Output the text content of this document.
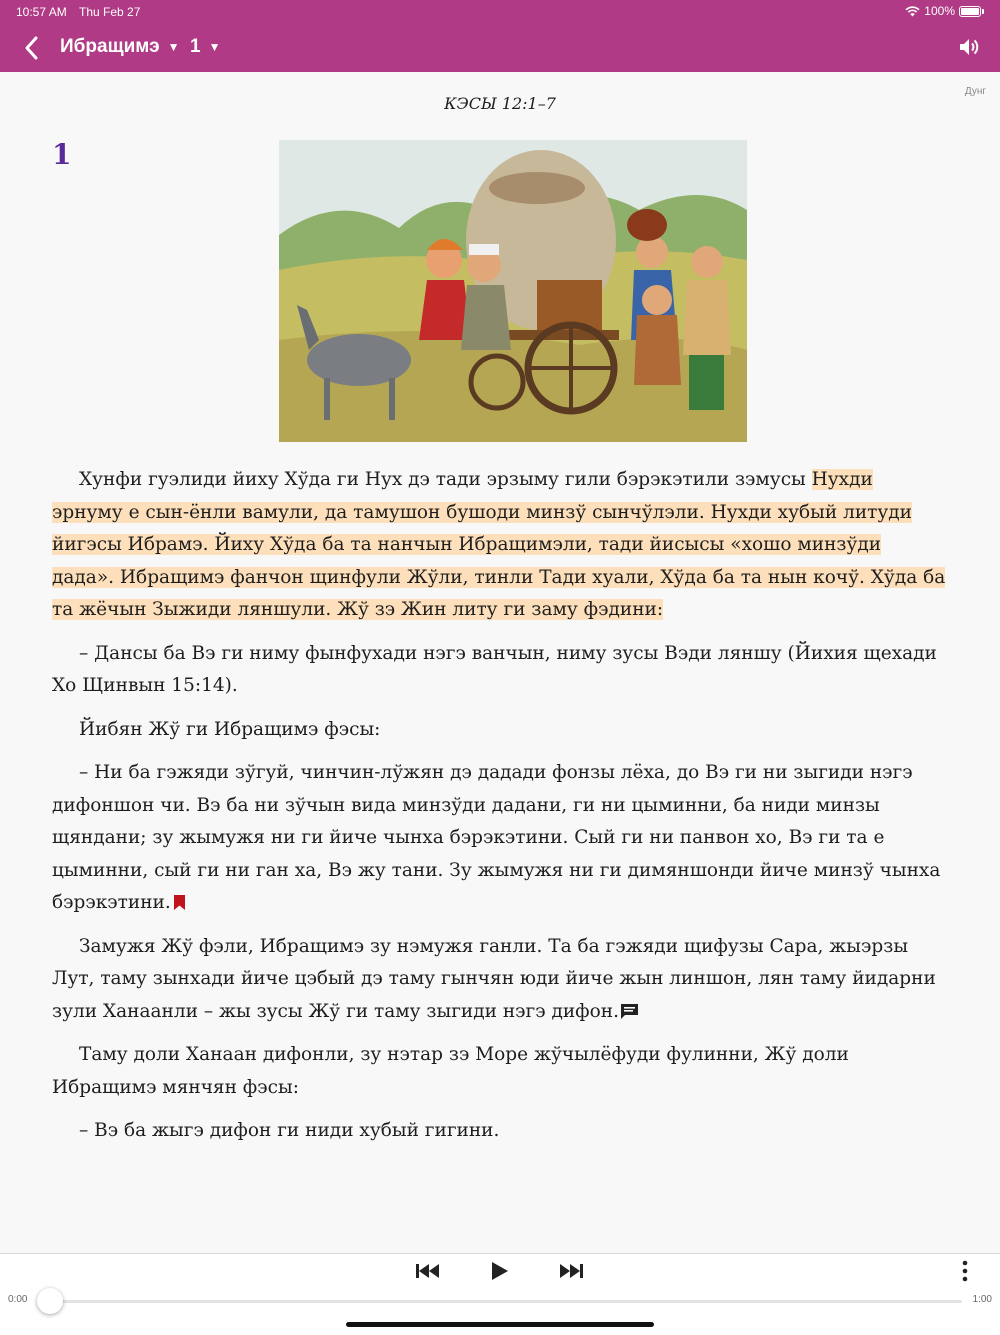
10:57 AM Thu Feb 27	100%
Ибращимэ ▼ 1 ▼
Дунг
КЭСЫ 12:1–7
1

Хунфи гуэлиди йиху Хўда ги Нух дэ тади эрзыму гили бэрэкэтили зэмусы Нухди эрнуму е сын-ёнли вамули, да тамушон бушоди минзў сынчўлэли. Нухди хубый литуди йигэсы Ибрамэ. Йиху Хўда ба та нанчын Ибращимэли, тади йисысы «хошо минзўди дада». Ибращимэ фанчон щинфули Жўли, тинли Тади хуали, Хўда ба та нын кочў. Хўда ба та жёчын Зыжиди ляншули. Жў зэ Жин литу ги заму фэдини:

– Дансы ба Вэ ги ниму фынфухади нэгэ ванчын, ниму зусы Вэди ляншу (Йихия щехади Хо Щинвын 15:14).

Йибян Жў ги Ибращимэ фэсы:

– Ни ба гэжяди зўгуй, чинчин-лўжян дэ дадади фонзы лёха, до Вэ ги ни зыгиди нэгэ дифоншон чи. Вэ ба ни зўчын вида минзўди дадани, ги ни цыминни, ба ниди минзы щяндани; зу жымужя ни ги йиче чынха бэрэкэтини. Сый ги ни панвон хо, Вэ ги та е цыминни, сый ги ни ган ха, Вэ жу тани. Зу жымужя ни ги димяншонди йиче минзў чынха бэрэкэтини.

Замужя Жў фэли, Ибращимэ зу нэмужя ганли. Та ба гэжяди щифузы Сара, жыэрзы Лут, таму зынхади йиче цэбый дэ таму гынчян юди йиче жын линшон, лян таму йидарни зули Ханаанли – жы зусы Жў ги таму зыгиди нэгэ дифон.

Таму доли Ханаан дифонли, зу нэтар зэ Море жўчылёфуди фулинни, Жў доли Ибращимэ мянчян фэсы:

– Вэ ба жыгэ дифон ги ниди хубый гигини.

0:00	1:00
